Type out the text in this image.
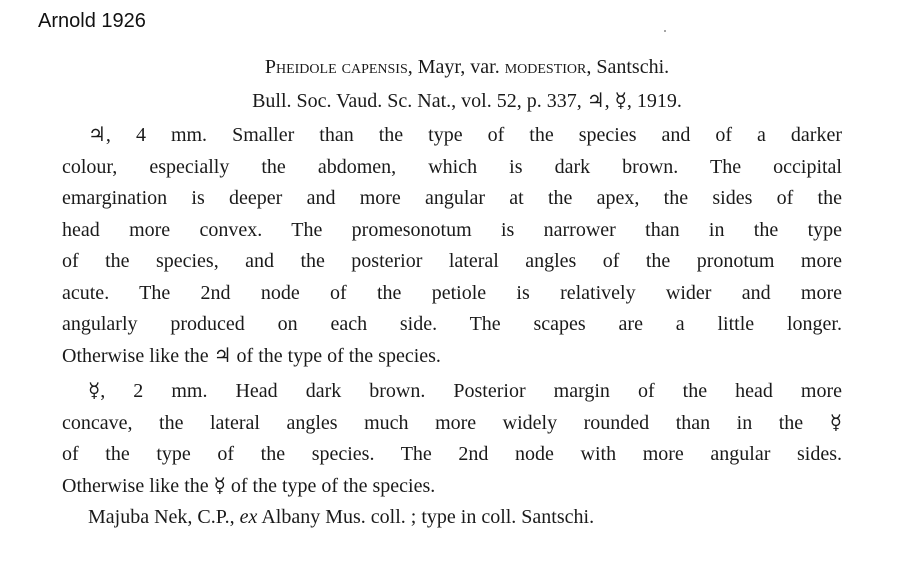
Arnold 1926
Pheidole capensis, Mayr, var. modestior, Santschi.
Bull. Soc. Vaud. Sc. Nat., vol. 52, p. 337, ♃, ☿, 1919.
♃, 4 mm. Smaller than the type of the species and of a darker
colour, especially the abdomen, which is dark brown. The occipital
emargination is deeper and more angular at the apex, the sides of the
head more convex. The promesonotum is narrower than in the type
of the species, and the posterior lateral angles of the pronotum more
acute. The 2nd node of the petiole is relatively wider and more
angularly produced on each side. The scapes are a little longer.
Otherwise like the ♃ of the type of the species.
☿, 2 mm. Head dark brown. Posterior margin of the head more
concave, the lateral angles much more widely rounded than in the ☿
of the type of the species. The 2nd node with more angular sides.
Otherwise like the ☿ of the type of the species.
Majuba Nek, C.P., ex Albany Mus. coll. ; type in coll. Santschi.
